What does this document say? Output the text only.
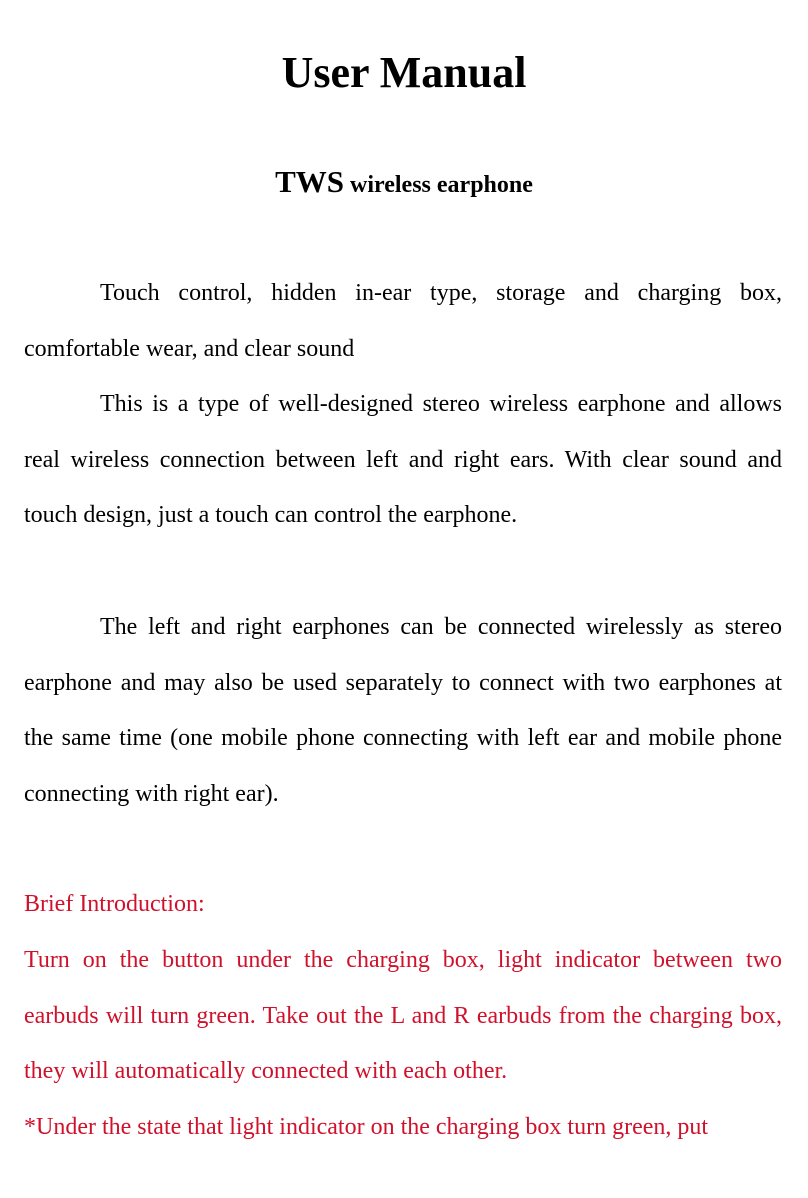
User Manual
TWS wireless earphone

Touch control, hidden in-ear type, storage and charging box, comfortable wear, and clear sound

This is a type of well-designed stereo wireless earphone and allows real wireless connection between left and right ears. With clear sound and touch design, just a touch can control the earphone.

The left and right earphones can be connected wirelessly as stereo earphone and may also be used separately to connect with two earphones at the same time (one mobile phone connecting with left ear and mobile phone connecting with right ear).

Brief Introduction:

Turn on the button under the charging box, light indicator between two earbuds will turn green. Take out the L and R earbuds from the charging box, they will automatically connected with each other.

*Under the state that light indicator on the charging box turn green, put
